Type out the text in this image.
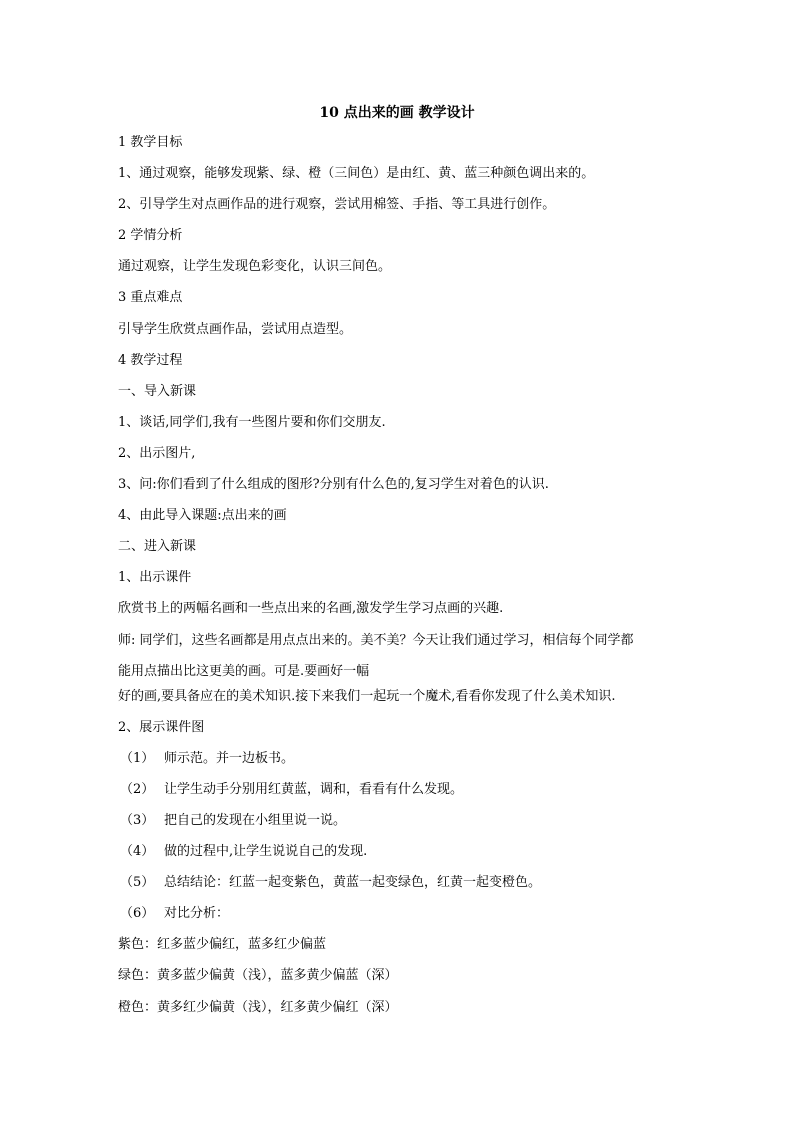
10 点出来的画 教学设计
1 教学目标
1、通过观察，能够发现紫、绿、橙（三间色）是由红、黄、蓝三种颜色调出来的。
2、引导学生对点画作品的进行观察，尝试用棉签、手指、等工具进行创作。
2 学情分析
通过观察，让学生发现色彩变化，认识三间色。
3 重点难点
引导学生欣赏点画作品，尝试用点造型。
4 教学过程
一、导入新课
1、谈话,同学们,我有一些图片要和你们交朋友.
2、出示图片,
3、问:你们看到了什么组成的图形?分别有什么色的,复习学生对着色的认识.
4、由此导入课题:点出来的画
二、进入新课
1、出示课件
欣赏书上的两幅名画和一些点出来的名画,激发学生学习点画的兴趣.
师: 同学们，这些名画都是用点点出来的。美不美？今天让我们通过学习，相信每个同学都
能用点描出比这更美的画。可是.要画好一幅
好的画,要具备应在的美术知识.接下来我们一起玩一个魔术,看看你发现了什么美术知识.
2、展示课件图
（1） 师示范。并一边板书。
（2） 让学生动手分别用红黄蓝，调和，看看有什么发现。
（3） 把自己的发现在小组里说一说。
（4） 做的过程中,让学生说说自己的发现.
（5） 总结结论：红蓝一起变紫色，黄蓝一起变绿色，红黄一起变橙色。
（6） 对比分析：
紫色：红多蓝少偏红，蓝多红少偏蓝
绿色：黄多蓝少偏黄（浅），蓝多黄少偏蓝（深）
橙色：黄多红少偏黄（浅），红多黄少偏红（深）
